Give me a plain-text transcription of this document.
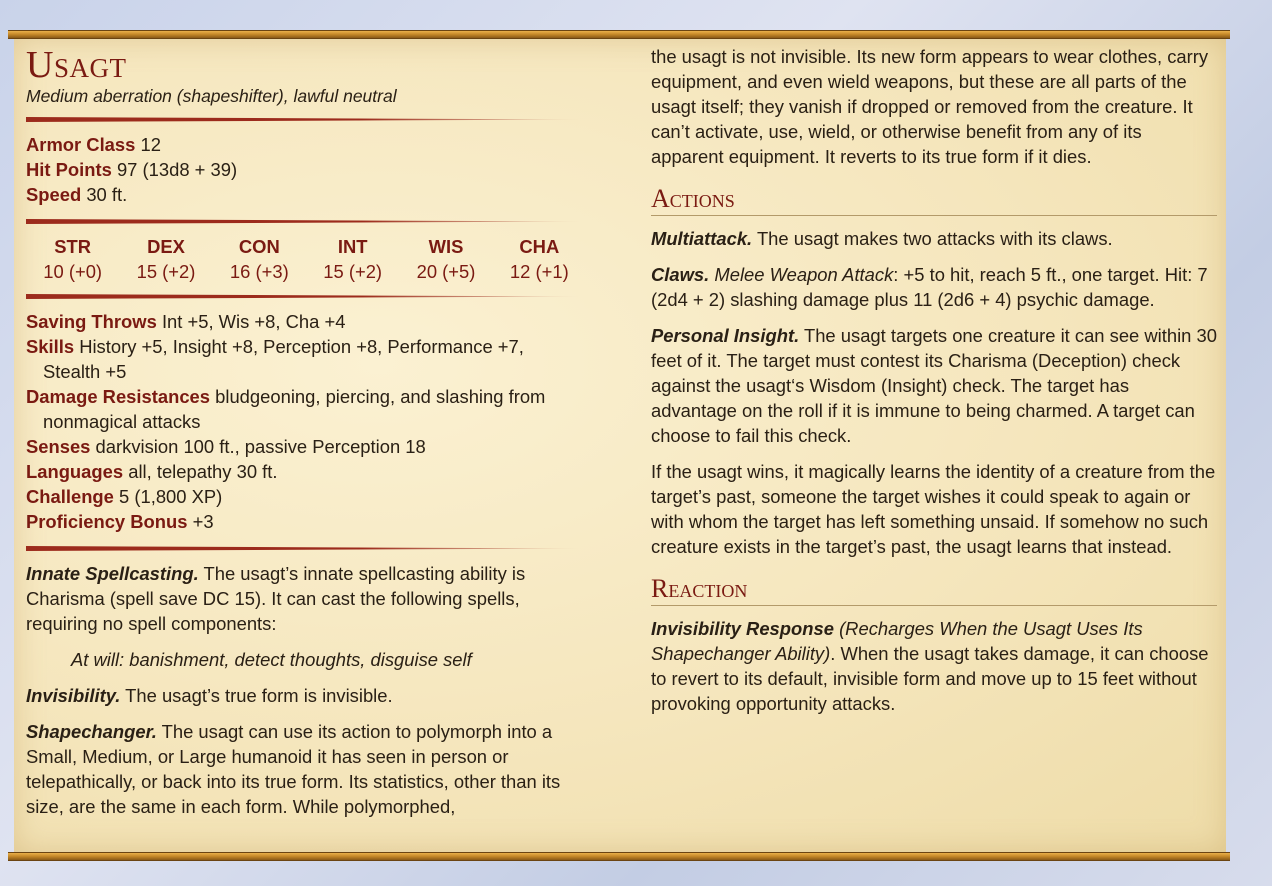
Usagt
Medium aberration (shapeshifter), lawful neutral

Armor Class 12

Hit Points 97 (13d8 + 39)

Speed 30 ft.

STR
10 (+0)
DEX
15 (+2)
CON
16 (+3)
INT
15 (+2)
WIS
20 (+5)
CHA
12 (+1)

Saving Throws Int +5, Wis +8, Cha +4

Skills History +5, Insight +8, Perception +8, Performance +7, Stealth +5

Damage Resistances bludgeoning, piercing, and slashing from nonmagical attacks

Senses darkvision 100 ft., passive Perception 18

Languages all, telepathy 30 ft.

Challenge 5 (1,800 XP)

Proficiency Bonus +3

Innate Spellcasting. The usagt’s innate spellcasting ability is Charisma (spell save DC 15). It can cast the following spells, requiring no spell components:

At will: banishment, detect thoughts, disguise self

Invisibility. The usagt’s true form is invisible.

Shapechanger. The usagt can use its action to polymorph into a Small, Medium, or Large humanoid it has seen in person or telepathically, or back into its true form. Its statistics, other than its size, are the same in each form. While polymorphed,

the usagt is not invisible. Its new form appears to wear clothes, carry equipment, and even wield weapons, but these are all parts of the usagt itself; they vanish if dropped or removed from the creature. It can’t activate, use, wield, or otherwise benefit from any of its apparent equipment. It reverts to its true form if it dies.

Actions

Multiattack. The usagt makes two attacks with its claws.

Claws. Melee Weapon Attack: +5 to hit, reach 5 ft., one target. Hit: 7 (2d4 + 2) slashing damage plus 11 (2d6 + 4) psychic damage.

Personal Insight. The usagt targets one creature it can see within 30 feet of it. The target must contest its Charisma (Deception) check against the usagt‘s Wisdom (Insight) check. The target has advantage on the roll if it is immune to being charmed. A target can choose to fail this check.

If the usagt wins, it magically learns the identity of a creature from the target’s past, someone the target wishes it could speak to again or with whom the target has left something unsaid. If somehow no such creature exists in the target’s past, the usagt learns that instead.

Reaction

Invisibility Response (Recharges When the Usagt Uses Its Shapechanger Ability). When the usagt takes damage, it can choose to revert to its default, invisible form and move up to 15 feet without provoking opportunity attacks.
